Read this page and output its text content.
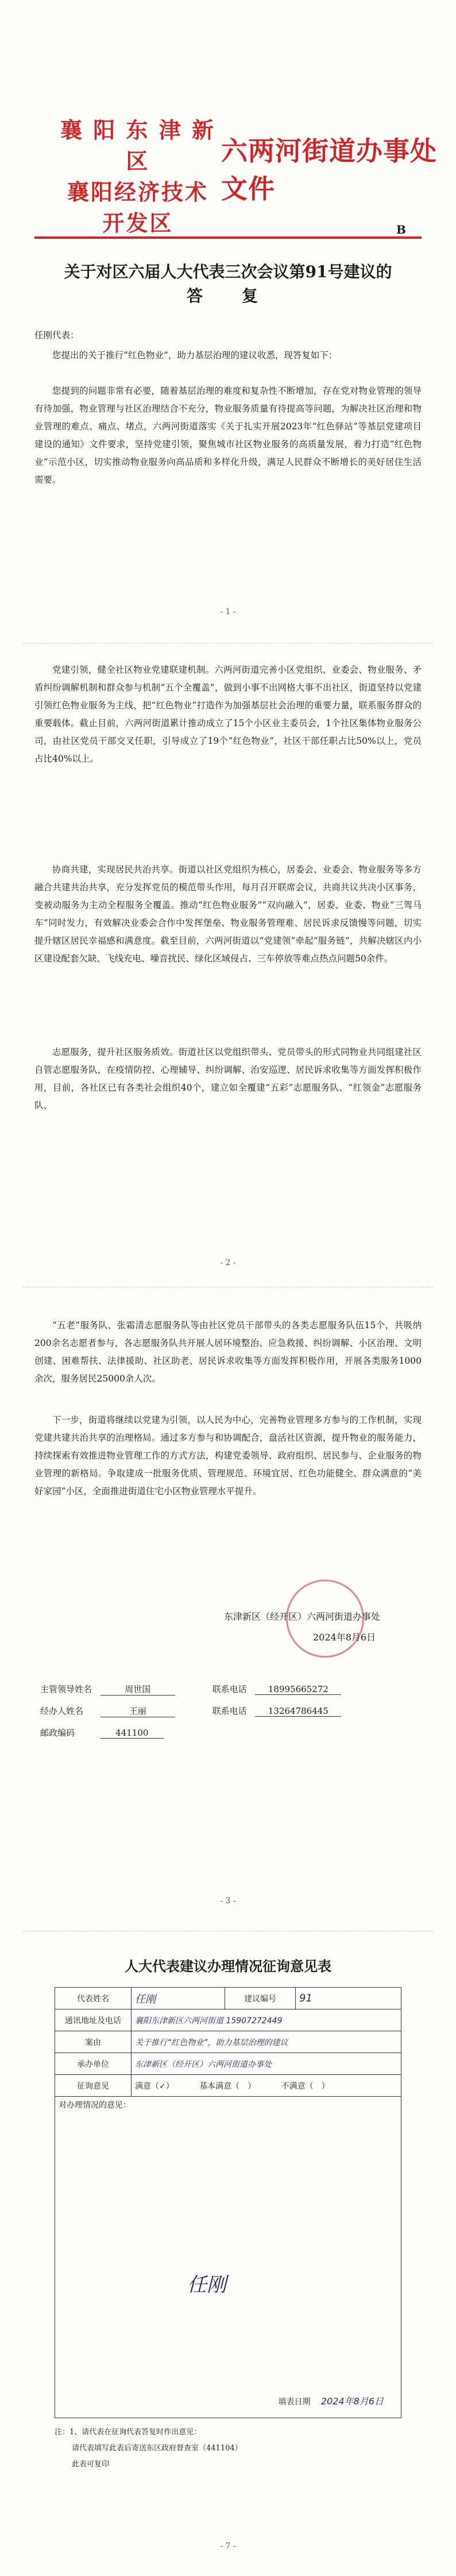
襄 阳 东 津 新 区
襄阳经济技术开发区
六两河街道办事处文件
B
关于对区六届人大代表三次会议第91号建议的
答　复
任刚代表：

您提出的关于推行“红色物业”，助力基层治理的建议收悉，现答复如下：

您提到的问题非常有必要，随着基层治理的难度和复杂性不断增加，存在党对物业管理的领导有待加强，物业管理与社区治理结合不充分，物业服务质量有待提高等问题，为解决社区治理和物业管理的难点、痛点、堵点，六两河街道落实《关于扎实开展2023年“红色驿站”等基层党建项目建设的通知》文件要求，坚持党建引领，聚焦城市社区物业服务的高质量发展，着力打造“红色物业”示范小区，切实推动物业服务向高品质和多样化升级，满足人民群众不断增长的美好居住生活需要。

- 1 -

党建引领，健全社区物业党建联建机制。六两河街道完善小区党组织、业委会、物业服务、矛盾纠纷调解机制和群众参与机制“五个全覆盖”，做到小事不出网格大事不出社区，街道坚持以党建引领红色物业服务为主线，把“红色物业”打造作为加强基层社会治理的重要力量，联系服务群众的重要载体。截止目前，六两河街道累计推动成立了15个小区业主委员会，1个社区集体物业服务公司，由社区党员干部交叉任职，引导成立了19个“红色物业”，社区干部任职占比50%以上，党员占比40%以上。

协商共建，实现居民共治共享。街道以社区党组织为核心，居委会、业委会、物业服务等多方融合共建共治共享，充分发挥党员的模范带头作用，每月召开联席会议，共商共议共决小区事务，变被动服务为主动全程服务全覆盖。推动“红色物业服务”“双向融入”，居委、业委、物业“三驾马车”同时发力，有效解决业委会合作中发挥堡垒、物业服务管理难、居民诉求反馈慢等问题，切实提升辖区居民幸福感和满意度。截至目前，六两河街道以“党建领”牵起“服务链”，共解决辖区内小区建设配套欠缺、飞线充电、噪音扰民、绿化区域侵占、三车停放等难点热点问题50余件。

志愿服务，提升社区服务质效。街道社区以党组织带头、党员带头的形式同物业共同组建社区自管志愿服务队，在疫情防控、心理辅导、纠纷调解、治安巡逻、居民诉求收集等方面发挥积极作用，目前，各社区已有各类社会组织40个，建立如全覆建“五彩”志愿服务队、“红领金”志愿服务队、

- 2 -

“五老”服务队、张霜清志愿服务队等由社区党员干部带头的各类志愿服务队伍15个，共吸纳200余名志愿者参与，各志愿服务队共开展人居环境整治、应急救援、纠纷调解、小区治理、文明创建、困难帮扶、法律援助、社区助老、居民诉求收集等方面发挥积极作用，开展各类服务1000余次，服务居民25000余人次。

下一步，街道将继续以党建为引领，以人民为中心，完善物业管理多方参与的工作机制，实现党建共建共治共享的治理格局。通过多方参与和协调配合，盘活社区资源，提升物业的服务能力，持续探索有效推进物业管理工作的方式方法，构建党委领导、政府组织、居民参与、企业服务的物业管理的新格局。争取建成一批服务优质、管理规范、环境宜居、红色功能健全、群众满意的“美好家园”小区，全面推进街道住宅小区物业管理水平提升。

东津新区（经开区）六两河街道办事处
2024年8月6日
主管领导姓名	周世国	联系电话 18995665272
经办人姓名	王丽	联系电话 13264786445
邮政编码	441100
- 3 -
人大代表建议办理情况征询意见表
代表姓名	任刚	建议编号	91
通讯地址及电话	襄阳东津新区六两河街道 15907272449		
案由	关于推行“红色物业”，助力基层治理的建议		
承办单位	东津新区（经开区）六两河街道办事处		
征询意见	满意（✓） 基本满意（　） 不满意（　）		

对办理情况的意见：
任刚
填表日期 2024年8月6日			
注：1、请代表在征询代表答复时作出意见：
请代表填写此表后寄送东区政府督查室（441104）
此表可复印
- 7 -
